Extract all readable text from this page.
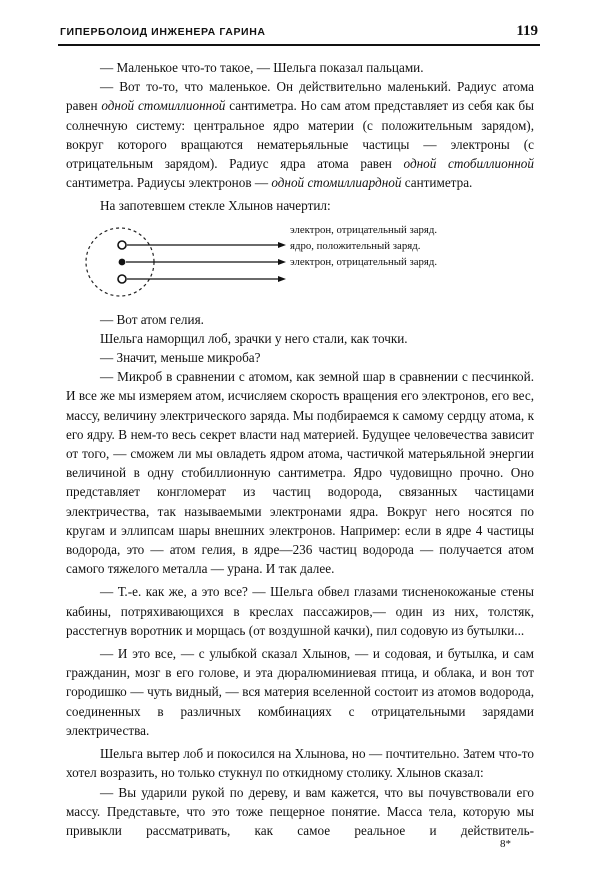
ГИПЕРБОЛОИД ИНЖЕНЕРА ГАРИНА	119

— Маленькое что-то такое, — Шельга показал пальцами.

— Вот то-то, что маленькое. Он действительно маленький. Радиус атома равен одной стомиллионной сантиметра. Но сам атом представляет из себя как бы солнечную систему: центральное ядро материи (с положительным зарядом), вокруг которого вращаются нематерьяльные частицы — электроны (с отрицательным зарядом). Радиус ядра атома равен одной стобиллионной сантиметра. Радиусы электронов — одной стомиллиардной сантиметра.

На запотевшем стекле Хлынов начертил:

электрон, отрицательный заряд.
ядро, положительный заряд.
электрон, отрицательный заряд.

— Вот атом гелия.

Шельга наморщил лоб, зрачки у него стали, как точки.

— Значит, меньше микроба?

— Микроб в сравнении с атомом, как земной шар в сравнении с песчинкой. И все же мы измеряем атом, исчисляем скорость вращения его электронов, его вес, массу, величину электрического заряда. Мы подбираемся к самому сердцу атома, к его ядру. В нем-то весь секрет власти над материей. Будущее человечества зависит от того, — сможем ли мы овладеть ядром атома, частичкой матерьяльной энергии величиной в одну стобиллионную сантиметра. Ядро чудовищно прочно. Оно представляет конгломерат из частиц водорода, связанных частицами электричества, так называемыми электронами ядра. Вокруг него носятся по кругам и эллипсам шары внешних электронов. Например: если в ядре 4 частицы водорода, это — атом гелия, в ядре—236 частиц водорода — получается атом самого тяжелого металла — урана. И так далее.

— Т.-е. как же, а это все? — Шельга обвел глазами тисненокожаные стены кабины, потряхивающихся в креслах пассажиров,— один из них, толстяк, расстегнув воротник и морщась (от воздушной качки), пил содовую из бутылки...

— И это все, — с улыбкой сказал Хлынов, — и содовая, и бутылка, и сам гражданин, мозг в его голове, и эта дюралюминиевая птица, и облака, и вон тот городишко — чуть видный, — вся материя вселенной состоит из атомов водорода, соединенных в различных комбинациях с отрицательными зарядами электричества.

Шельга вытер лоб и покосился на Хлынова, но — почтительно. Затем что-то хотел возразить, но только стукнул по откидному столику. Хлынов сказал:

— Вы ударили рукой по дереву, и вам кажется, что вы почувствовали его массу. Представьте, что это тоже пещерное понятие. Масса тела, которую мы привыкли рассматривать, как самое реальное и действитель-

8*
